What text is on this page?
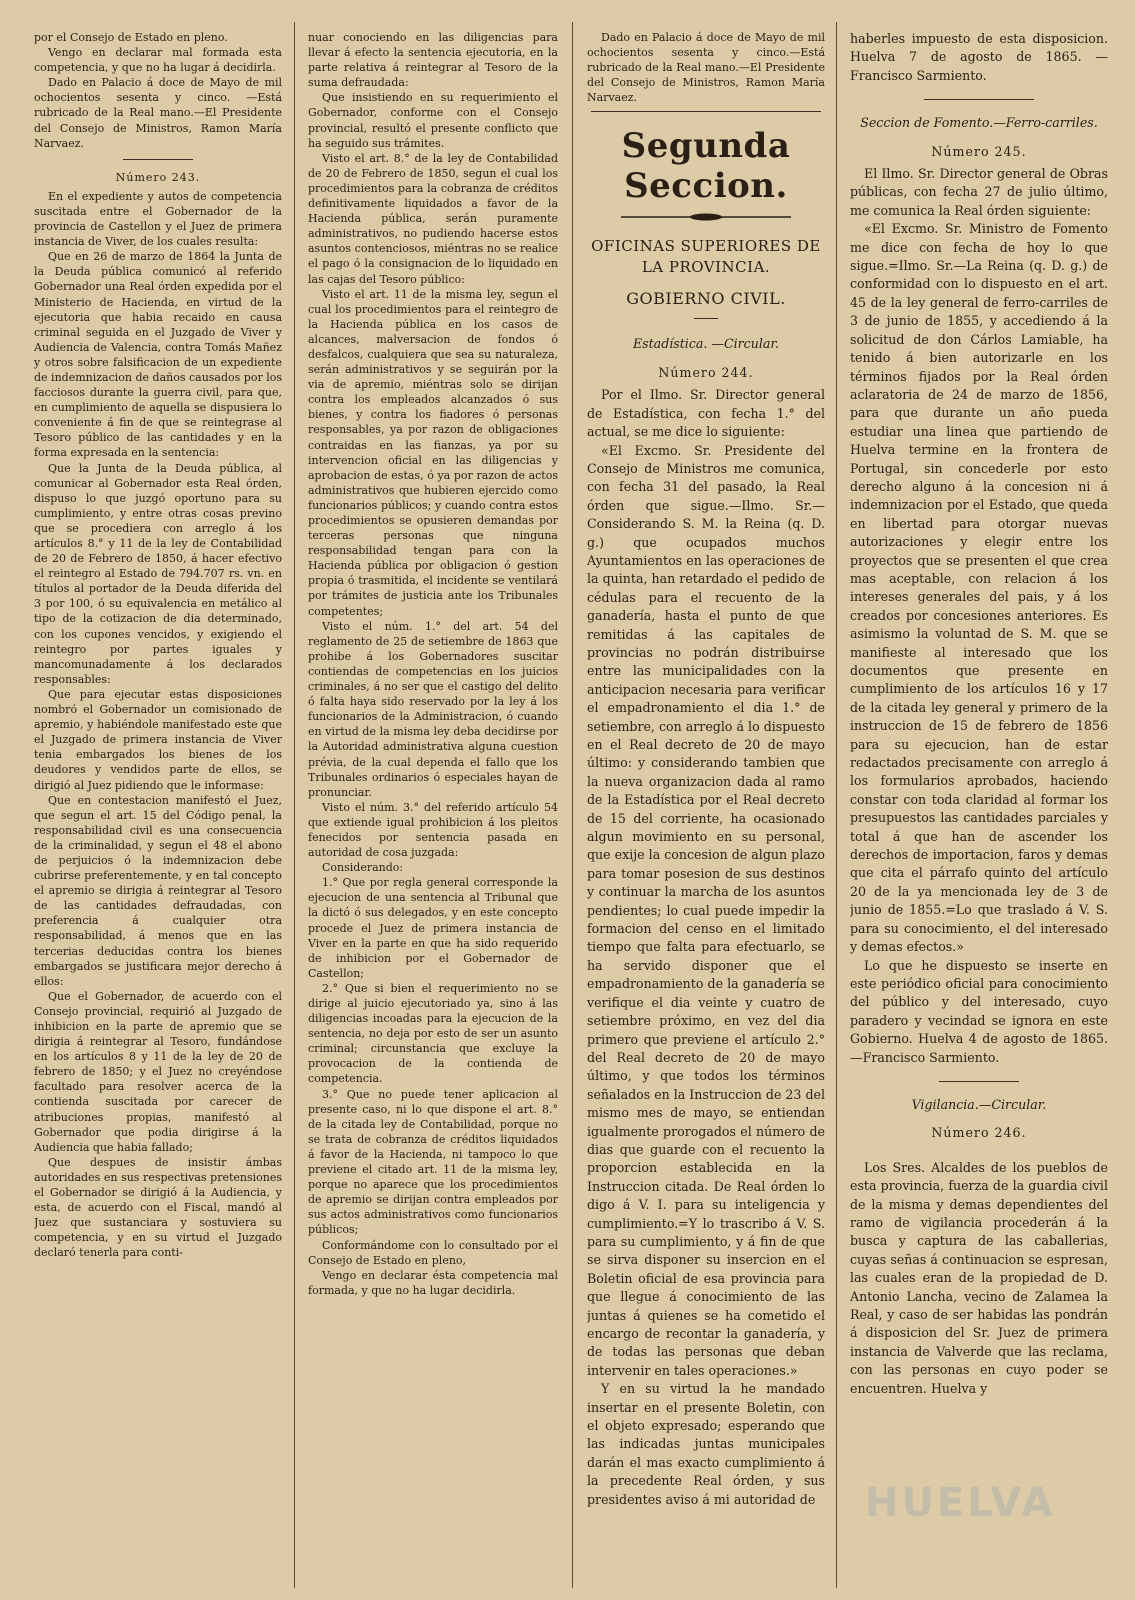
por el Consejo de Estado en pleno.

Vengo en declarar mal formada esta competencia, y que no ha lugar á decidirla.

Dado en Palacio á doce de Mayo de mil ochocientos sesenta y cinco. —Está rubricado de la Real mano.—El Presidente del Consejo de Ministros, Ramon María Narvaez.

Número 243.

En el expediente y autos de competencia suscitada entre el Gobernador de la provincia de Castellon y el Juez de primera instancia de Viver, de los cuales resulta:

Que en 26 de marzo de 1864 la Junta de la Deuda pública comunicó al referido Gobernador una Real órden expedida por el Ministerio de Hacienda, en virtud de la ejecutoria que habia recaido en causa criminal seguida en el Juzgado de Viver y Audiencia de Valencia, contra Tomás Mañez y otros sobre falsificacion de un expediente de indemnizacion de daños causados por los facciosos durante la guerra civil, para que, en cumplimiento de aquella se dispusiera lo conveniente á fin de que se reintegrase al Tesoro público de las cantidades y en la forma expresada en la sentencia:

Que la Junta de la Deuda pública, al comunicar al Gobernador esta Real órden, dispuso lo que juzgó oportuno para su cumplimiento, y entre otras cosas previno que se procediera con arreglo á los artículos 8.° y 11 de la ley de Contabilidad de 20 de Febrero de 1850, á hacer efectivo el reintegro al Estado de 794.707 rs. vn. en títulos al portador de la Deuda diferida del 3 por 100, ó su equivalencia en metálico al tipo de la cotizacion de dia determinado, con los cupones vencidos, y exigiendo el reintegro por partes iguales y mancomunadamente á los declarados responsables:

Que para ejecutar estas disposiciones nombró el Gobernador un comisionado de apremio, y habiéndole manifestado este que el Juzgado de primera instancia de Viver tenia embargados los bienes de los deudores y vendidos parte de ellos, se dirigió al Juez pidiendo que le informase:

Que en contestacion manifestó el Juez, que segun el art. 15 del Código penal, la responsabilidad civil es una consecuencia de la criminalidad, y segun el 48 el abono de perjuicios ó la indemnizacion debe cubrirse preferentemente, y en tal concepto el apremio se dirigia á reintegrar al Tesoro de las cantidades defraudadas, con preferencia á cualquier otra responsabilidad, á menos que en las tercerias deducidas contra los bienes embargados se justificara mejor derecho á ellos:

Que el Gobernador, de acuerdo con el Consejo provincial, requirió al Juzgado de inhibicion en la parte de apremio que se dirigia á reintegrar al Tesoro, fundándose en los artículos 8 y 11 de la ley de 20 de febrero de 1850; y el Juez no creyéndose facultado para resolver acerca de la contienda suscitada por carecer de atribuciones propias, manifestó al Gobernador que podia dirigirse á la Audiencia que habia fallado;

Que despues de insistir ámbas autoridades en sus respectivas pretensiones el Gobernador se dirigió á la Audiencia, y esta, de acuerdo con el Fiscal, mandó al Juez que sustanciara y sostuviera su competencia, y en su virtud el Juzgado declaró tenerla para conti-

nuar conociendo en las diligencias para llevar á efecto la sentencia ejecutoria, en la parte relativa á reintegrar al Tesoro de la suma defraudada:

Que insistiendo en su requerimiento el Gobernador, conforme con el Consejo provincial, resultó el presente conflicto que ha seguido sus trámites.

Visto el art. 8.° de la ley de Contabilidad de 20 de Febrero de 1850, segun el cual los procedimientos para la cobranza de créditos definitivamente liquidados a favor de la Hacienda pública, serán puramente administrativos, no pudiendo hacerse estos asuntos contenciosos, miéntras no se realice el pago ó la consignacion de lo liquidado en las cajas del Tesoro público:

Visto el art. 11 de la misma ley, segun el cual los procedimientos para el reintegro de la Hacienda pública en los casos de alcances, malversacion de fondos ó desfalcos, cualquiera que sea su naturaleza, serán administrativos y se seguirán por la via de apremio, miéntras solo se dirijan contra los empleados alcanzados ó sus bienes, y contra los fiadores ó personas responsables, ya por razon de obligaciones contraidas en las fianzas, ya por su intervencion oficial en las diligencias y aprobacion de estas, ó ya por razon de actos administrativos que hubieren ejercido como funcionarios públicos; y cuando contra estos procedimientos se opusieren demandas por terceras personas que ninguna responsabilidad tengan para con la Hacienda pública por obligacion ó gestion propia ó trasmitida, el incidente se ventilará por trámites de justicia ante los Tribunales competentes;

Visto el núm. 1.° del art. 54 del reglamento de 25 de setiembre de 1863 que prohibe á los Gobernadores suscitar contiendas de competencias en los juicios criminales, á no ser que el castigo del delito ó falta haya sido reservado por la ley á los funcionarios de la Administracion, ó cuando en virtud de la misma ley deba decidirse por la Autoridad administrativa alguna cuestion prévia, de la cual dependa el fallo que los Tribunales ordinarios ó especiales hayan de pronunciar.

Visto el núm. 3.° del referido artículo 54 que extiende igual prohibicion á los pleitos fenecidos por sentencia pasada en autoridad de cosa juzgada:

Considerando:

1.° Que por regla general corresponde la ejecucion de una sentencia al Tribunal que la dictó ó sus delegados, y en este concepto procede el Juez de primera instancia de Viver en la parte en que ha sido requerido de inhibicion por el Gobernador de Castellon;

2.° Que si bien el requerimiento no se dirige al juicio ejecutoriado ya, sino á las diligencias incoadas para la ejecucion de la sentencia, no deja por esto de ser un asunto criminal; circunstancia que excluye la provocacion de la contienda de competencia.

3.° Que no puede tener aplicacion al presente caso, ni lo que dispone el art. 8.° de la citada ley de Contabilidad, porque no se trata de cobranza de créditos liquidados á favor de la Hacienda, ni tampoco lo que previene el citado art. 11 de la misma ley, porque no aparece que los procedimientos de apremio se dirijan contra empleados por sus actos administrativos como funcionarios públicos;

Conformándome con lo consultado por el Consejo de Estado en pleno,

Vengo en declarar ésta competencia mal formada, y que no ha lugar decidirla.

Dado en Palacio á doce de Mayo de mil ochocientos sesenta y cinco.—Está rubricado de la Real mano.—El Presidente del Consejo de Ministros, Ramon María Narvaez.

Segunda Seccion.
OFICINAS SUPERIORES DE LA PROVINCIA.
GOBIERNO CIVIL.
Estadística. —Circular.
Número 244.

Por el Ilmo. Sr. Director general de Estadística, con fecha 1.° del actual, se me dice lo siguiente:

«El Excmo. Sr. Presidente del Consejo de Ministros me comunica, con fecha 31 del pasado, la Real órden que sigue.—Ilmo. Sr.—Considerando S. M. la Reina (q. D. g.) que ocupados muchos Ayuntamientos en las operaciones de la quinta, han retardado el pedido de cédulas para el recuento de la ganadería, hasta el punto de que remitidas á las capitales de provincias no podrán distribuirse entre las municipalidades con la anticipacion necesaria para verificar el empadronamiento el dia 1.° de setiembre, con arreglo á lo dispuesto en el Real decreto de 20 de mayo último: y considerando tambien que la nueva organizacion dada al ramo de la Estadística por el Real decreto de 15 del corriente, ha ocasionado algun movimiento en su personal, que exije la concesion de algun plazo para tomar posesion de sus destinos y continuar la marcha de los asuntos pendientes; lo cual puede impedir la formacion del censo en el limitado tiempo que falta para efectuarlo, se ha servido disponer que el empadronamiento de la ganadería se verifique el dia veinte y cuatro de setiembre próximo, en vez del dia primero que previene el artículo 2.° del Real decreto de 20 de mayo último, y que todos los términos señalados en la Instruccion de 23 del mismo mes de mayo, se entiendan igualmente prorogados el número de dias que guarde con el recuento la proporcion establecida en la Instruccion citada. De Real órden lo digo á V. I. para su inteligencia y cumplimiento.=Y lo trascribo á V. S. para su cumplimiento, y á fin de que se sirva disponer su insercion en el Boletin oficial de esa provincia para que llegue á conocimiento de las juntas á quienes se ha cometido el encargo de recontar la ganadería, y de todas las personas que deban intervenir en tales operaciones.»

Y en su virtud la he mandado insertar en el presente Boletin, con el objeto expresado; esperando que las indicadas juntas municipales darán el mas exacto cumplimiento á la precedente Real órden, y sus presidentes aviso á mi autoridad de

haberles impuesto de esta disposicion. Huelva 7 de agosto de 1865. —Francisco Sarmiento.

Seccion de Fomento.—Ferro-carriles.
Número 245.

El Ilmo. Sr. Director general de Obras públicas, con fecha 27 de julio último, me comunica la Real órden siguiente:

«El Excmo. Sr. Ministro de Fomento me dice con fecha de hoy lo que sigue.=Ilmo. Sr.—La Reina (q. D. g.) de conformidad con lo dispuesto en el art. 45 de la ley general de ferro-carriles de 3 de junio de 1855, y accediendo á la solicitud de don Cárlos Lamiable, ha tenido á bien autorizarle en los términos fijados por la Real órden aclaratoria de 24 de marzo de 1856, para que durante un año pueda estudiar una linea que partiendo de Huelva termine en la frontera de Portugal, sin concederle por esto derecho alguno á la concesion ni á indemnizacion por el Estado, que queda en libertad para otorgar nuevas autorizaciones y elegir entre los proyectos que se presenten el que crea mas aceptable, con relacion á los intereses generales del pais, y á los creados por concesiones anteriores. Es asimismo la voluntad de S. M. que se manifieste al interesado que los documentos que presente en cumplimiento de los artículos 16 y 17 de la citada ley general y primero de la instruccion de 15 de febrero de 1856 para su ejecucion, han de estar redactados precisamente con arreglo á los formularios aprobados, haciendo constar con toda claridad al formar los presupuestos las cantidades parciales y total á que han de ascender los derechos de importacion, faros y demas que cita el párrafo quinto del artículo 20 de la ya mencionada ley de 3 de junio de 1855.=Lo que traslado á V. S. para su conocimiento, el del interesado y demas efectos.»

Lo que he dispuesto se inserte en este periódico oficial para conocimiento del público y del interesado, cuyo paradero y vecindad se ignora en este Gobierno. Huelva 4 de agosto de 1865.—Francisco Sarmiento.

Vigilancia.—Circular.
Número 246.

Los Sres. Alcaldes de los pueblos de esta provincia, fuerza de la guardia civil de la misma y demas dependientes del ramo de vigilancia procederán á la busca y captura de las caballerias, cuyas señas á continuacion se espresan, las cuales eran de la propiedad de D. Antonio Lancha, vecino de Zalamea la Real, y caso de ser habidas las pondrán á disposicion del Sr. Juez de primera instancia de Valverde que las reclama, con las personas en cuyo poder se encuentren. Huelva y

HUELVA
